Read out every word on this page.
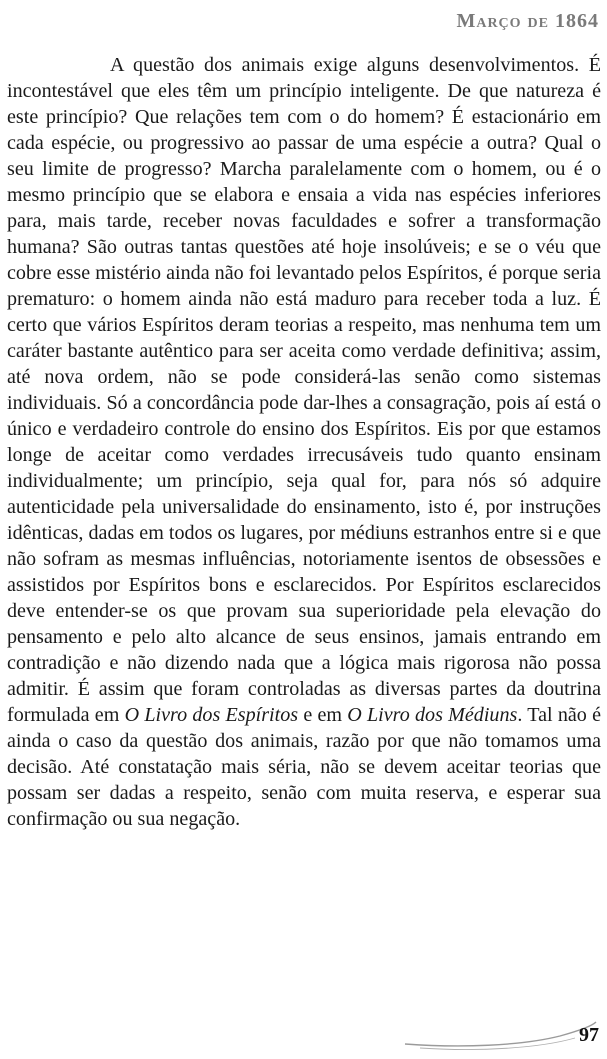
Março de 1864

A questão dos animais exige alguns desenvolvimentos. É incontestável que eles têm um princípio inteligente. De que natureza é este princípio? Que relações tem com o do homem? É estacionário em cada espécie, ou progressivo ao passar de uma espécie a outra? Qual o seu limite de progresso? Marcha paralelamente com o homem, ou é o mesmo princípio que se elabora e ensaia a vida nas espécies inferiores para, mais tarde, receber novas faculdades e sofrer a transformação humana? São outras tantas questões até hoje insolúveis; e se o véu que cobre esse mistério ainda não foi levantado pelos Espíritos, é porque seria prematuro: o homem ainda não está maduro para receber toda a luz. É certo que vários Espíritos deram teorias a respeito, mas nenhuma tem um caráter bastante autêntico para ser aceita como verdade definitiva; assim, até nova ordem, não se pode considerá-las senão como sistemas individuais. Só a concordância pode dar-lhes a consagração, pois aí está o único e verdadeiro controle do ensino dos Espíritos. Eis por que estamos longe de aceitar como verdades irrecusáveis tudo quanto ensinam individualmente; um princípio, seja qual for, para nós só adquire autenticidade pela universalidade do ensinamento, isto é, por instruções idênticas, dadas em todos os lugares, por médiuns estranhos entre si e que não sofram as mesmas influências, notoriamente isentos de obsessões e assistidos por Espíritos bons e esclarecidos. Por Espíritos esclarecidos deve entender-se os que provam sua superioridade pela elevação do pensamento e pelo alto alcance de seus ensinos, jamais entrando em contradição e não dizendo nada que a lógica mais rigorosa não possa admitir. É assim que foram controladas as diversas partes da doutrina formulada em O Livro dos Espíritos e em O Livro dos Médiuns. Tal não é ainda o caso da questão dos animais, razão por que não tomamos uma decisão. Até constatação mais séria, não se devem aceitar teorias que possam ser dadas a respeito, senão com muita reserva, e esperar sua confirmação ou sua negação.

97
